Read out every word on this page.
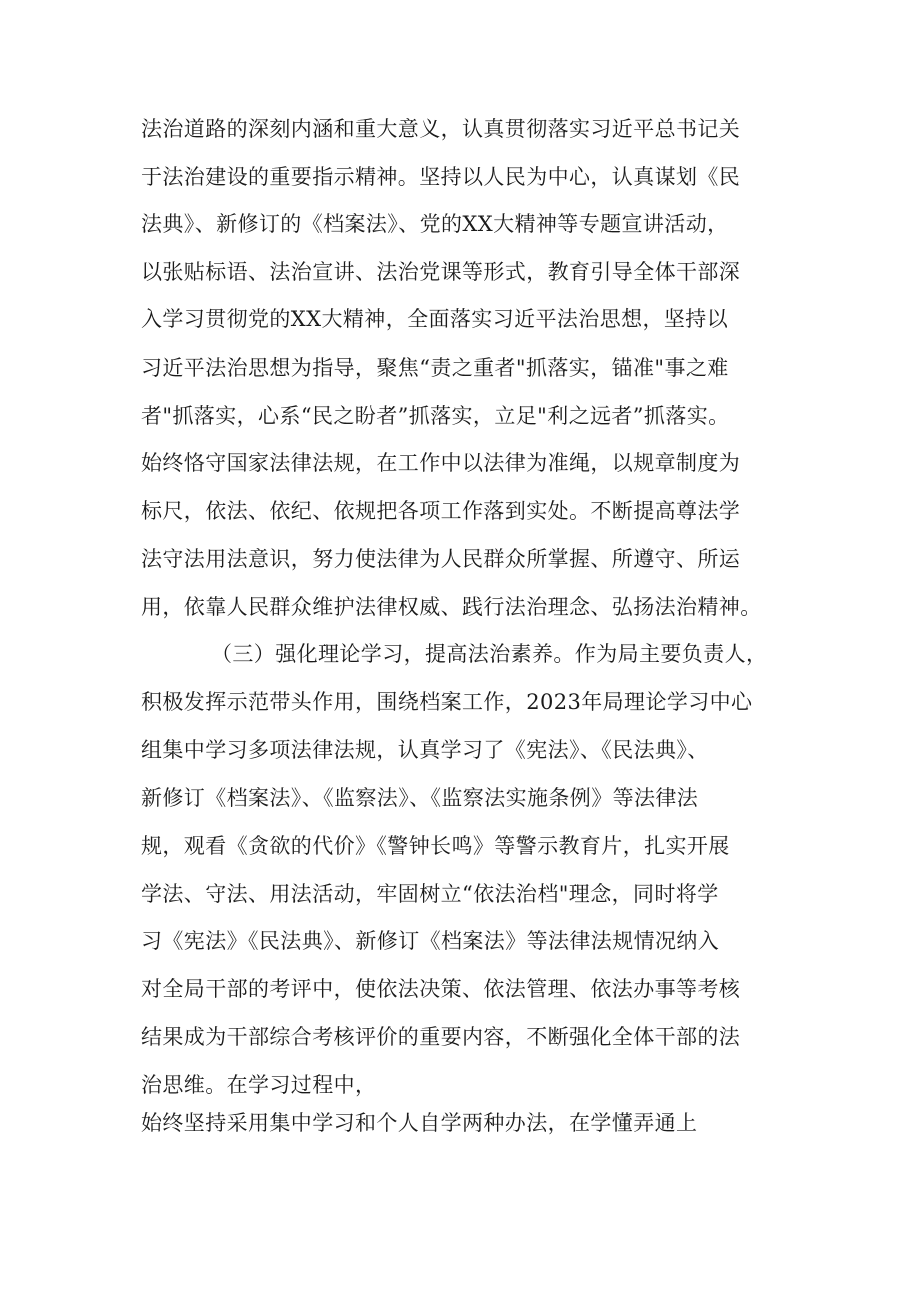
法治道路的深刻内涵和重大意义，认真贯彻落实习近平总书记关
于法治建设的重要指示精神。坚持以人民为中心，认真谋划《民
法典》、新修订的《档案法》、党的XX大精神等专题宣讲活动，
以张贴标语、法治宣讲、法治党课等形式，教育引导全体干部深
入学习贯彻党的XX大精神，全面落实习近平法治思想，坚持以
习近平法治思想为指导，聚焦“责之重者"抓落实，锚准"事之难
者"抓落实，心系“民之盼者”抓落实，立足"利之远者”抓落实。
始终恪守国家法律法规，在工作中以法律为准绳，以规章制度为
标尺，依法、依纪、依规把各项工作落到实处。不断提高尊法学
法守法用法意识，努力使法律为人民群众所掌握、所遵守、所运
用，依靠人民群众维护法律权威、践行法治理念、弘扬法治精神。
（三）强化理论学习，提高法治素养。作为局主要负责人，
积极发挥示范带头作用，围绕档案工作，2023年局理论学习中心
组集中学习多项法律法规，认真学习了《宪法》、《民法典》、
新修订《档案法》、《监察法》、《监察法实施条例》等法律法
规，观看《贪欲的代价》《警钟长鸣》等警示教育片，扎实开展
学法、守法、用法活动，牢固树立“依法治档"理念，同时将学
习《宪法》《民法典》、新修订《档案法》等法律法规情况纳入
对全局干部的考评中，使依法决策、依法管理、依法办事等考核
结果成为干部综合考核评价的重要内容，不断强化全体干部的法
治思维。在学习过程中，
始终坚持采用集中学习和个人自学两种办法，在学懂弄通上
